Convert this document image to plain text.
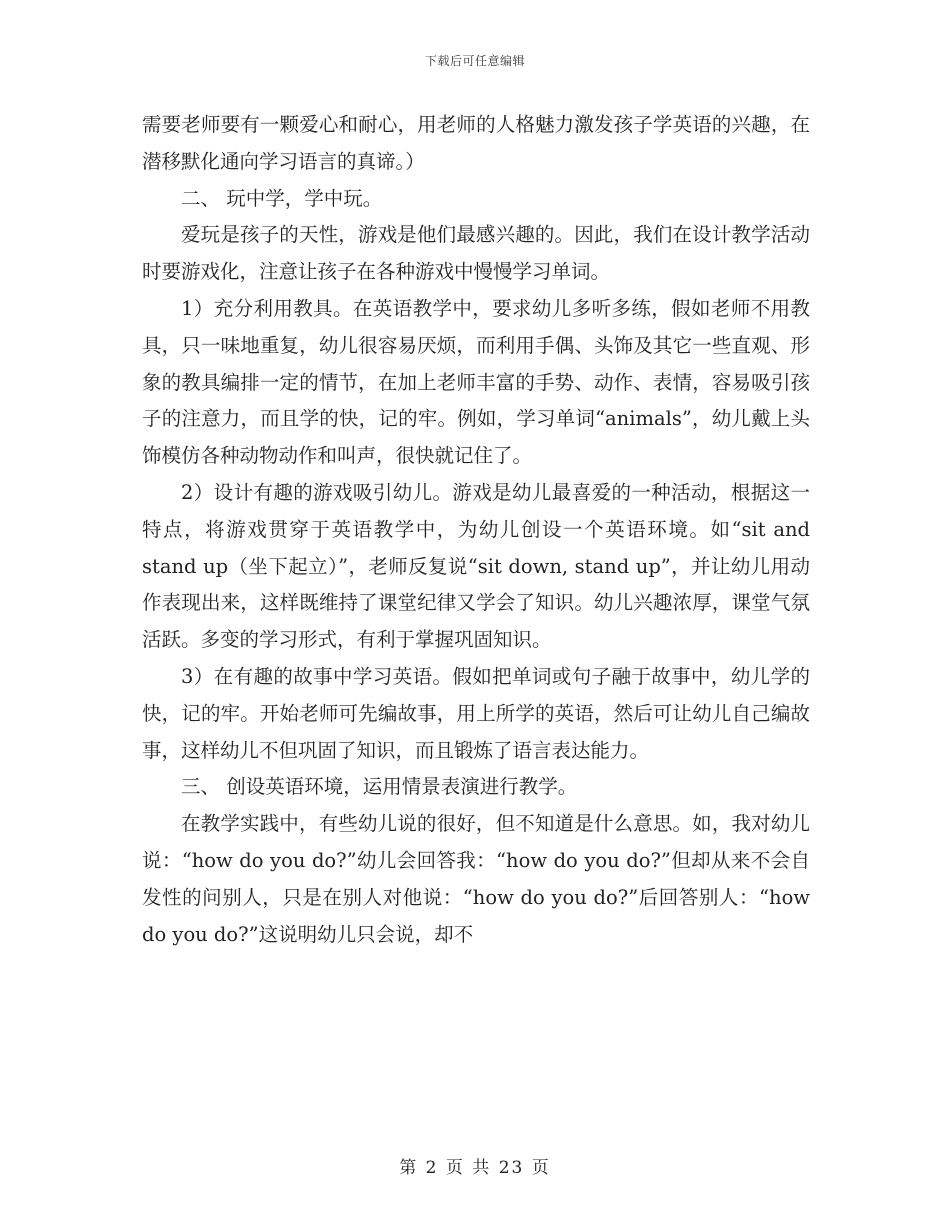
下载后可任意编辑

需要老师要有一颗爱心和耐心，用老师的人格魅力激发孩子学英语的兴趣，在潜移默化通向学习语言的真谛。）

二、 玩中学，学中玩。

爱玩是孩子的天性，游戏是他们最感兴趣的。因此，我们在设计教学活动时要游戏化，注意让孩子在各种游戏中慢慢学习单词。

1）充分利用教具。在英语教学中，要求幼儿多听多练，假如老师不用教具，只一味地重复，幼儿很容易厌烦，而利用手偶、头饰及其它一些直观、形象的教具编排一定的情节，在加上老师丰富的手势、动作、表情，容易吸引孩子的注意力，而且学的快，记的牢。例如，学习单词“animals”，幼儿戴上头饰模仿各种动物动作和叫声，很快就记住了。

2）设计有趣的游戏吸引幼儿。游戏是幼儿最喜爱的一种活动，根据这一特点，将游戏贯穿于英语教学中，为幼儿创设一个英语环境。如“sit and stand up（坐下起立）”，老师反复说“sit down, stand up”，并让幼儿用动作表现出来，这样既维持了课堂纪律又学会了知识。幼儿兴趣浓厚，课堂气氛活跃。多变的学习形式，有利于掌握巩固知识。

3）在有趣的故事中学习英语。假如把单词或句子融于故事中，幼儿学的快，记的牢。开始老师可先编故事，用上所学的英语，然后可让幼儿自己编故事，这样幼儿不但巩固了知识，而且锻炼了语言表达能力。

三、 创设英语环境，运用情景表演进行教学。

在教学实践中，有些幼儿说的很好，但不知道是什么意思。如，我对幼儿说：“how do you do?”幼儿会回答我：“how do you do?”但却从来不会自发性的问别人，只是在别人对他说：“how do you do?”后回答别人：“how do you do?”这说明幼儿只会说，却不

第 2 页 共 23 页
